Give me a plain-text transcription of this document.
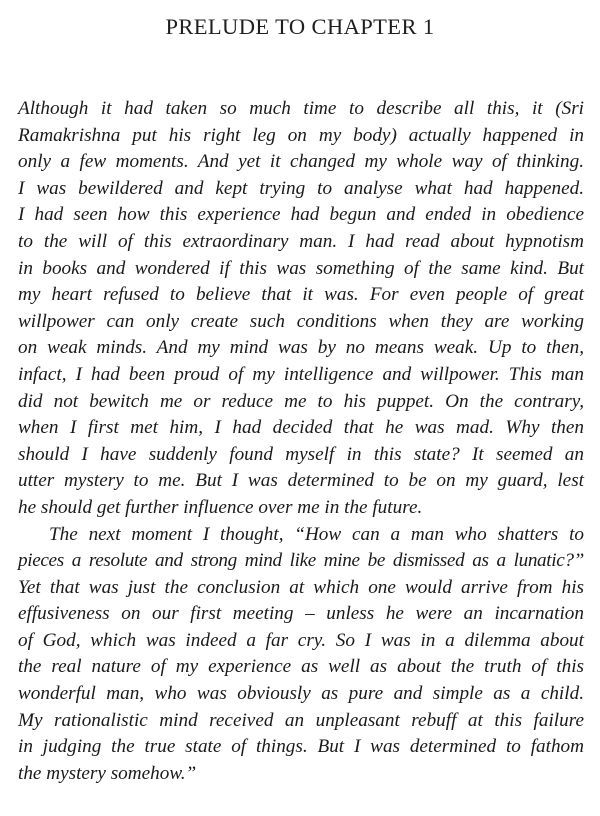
PRELUDE TO CHAPTER 1
Although it had taken so much time to describe all this, it (Sri
Ramakrishna put his right leg on my body) actually happened in
only a few moments. And yet it changed my whole way of thinking.
I was bewildered and kept trying to analyse what had happened.
I had seen how this experience had begun and ended in obedience
to the will of this extraordinary man. I had read about hypnotism
in books and wondered if this was something of the same kind. But
my heart refused to believe that it was. For even people of great
willpower can only create such conditions when they are working
on weak minds. And my mind was by no means weak. Up to then,
infact, I had been proud of my intelligence and willpower. This man
did not bewitch me or reduce me to his puppet. On the contrary,
when I first met him, I had decided that he was mad. Why then
should I have suddenly found myself in this state? It seemed an
utter mystery to me. But I was determined to be on my guard, lest
he should get further influence over me in the future.
The next moment I thought, “How can a man who shatters to
pieces a resolute and strong mind like mine be dismissed as a lunatic?”
Yet that was just the conclusion at which one would arrive from his
effusiveness on our first meeting – unless he were an incarnation
of God, which was indeed a far cry. So I was in a dilemma about
the real nature of my experience as well as about the truth of this
wonderful man, who was obviously as pure and simple as a child.
My rationalistic mind received an unpleasant rebuff at this failure
in judging the true state of things. But I was determined to fathom
the mystery somehow.”
